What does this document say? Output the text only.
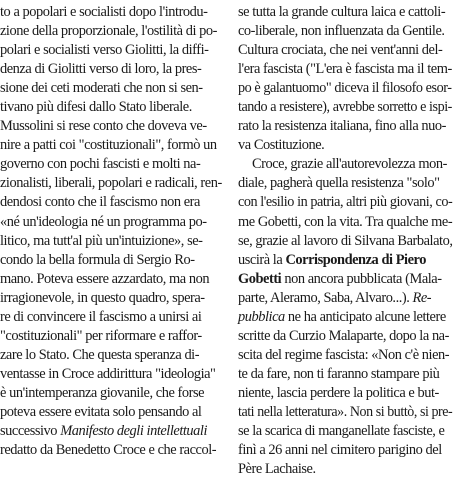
to a popolari e socialisti dopo l'introdu-
zione della proporzionale, l'ostilità di po-
polari e socialisti verso Giolitti, la diffi-
denza di Giolitti verso di loro, la pres-
sione dei ceti moderati che non si sen-
tivano più difesi dallo Stato liberale.
Mussolini si rese conto che doveva ve-
nire a patti coi "costituzionali", formò un
governo con pochi fascisti e molti na-
zionalisti, liberali, popolari e radicali, ren-
dendosi conto che il fascismo non era
«né un'ideologia né un programma po-
litico, ma tutt'al più un'intuizione», se-
condo la bella formula di Sergio Ro-
mano. Poteva essere azzardato, ma non
irragionevole, in questo quadro, spera-
re di convincere il fascismo a unirsi ai
"costituzionali" per riformare e raffor-
zare lo Stato. Che questa speranza di-
ventasse in Croce addirittura "ideologia"
è un'intemperanza giovanile, che forse
poteva essere evitata solo pensando al
successivo Manifesto degli intellettuali
redatto da Benedetto Croce e che raccol-
se tutta la grande cultura laica e cattoli-
co-liberale, non influenzata da Gentile.
Cultura crociata, che nei vent'anni del-
l'era fascista ("L'era è fascista ma il tem-
po è galantuomo" diceva il filosofo esor-
tando a resistere), avrebbe sorretto e ispi-
rato la resistenza italiana, fino alla nuo-
va Costituzione.
Croce, grazie all'autorevolezza mon-
diale, pagherà quella resistenza "solo"
con l'esilio in patria, altri più giovani, co-
me Gobetti, con la vita. Tra qualche me-
se, grazie al lavoro di Silvana Barbalato,
uscirà la Corrispondenza di Piero
Gobetti non ancora pubblicata (Mala-
parte, Aleramo, Saba, Alvaro...). Re-
pubblica ne ha anticipato alcune lettere
scritte da Curzio Malaparte, dopo la na-
scita del regime fascista: «Non c'è nien-
te da fare, non ti faranno stampare più
niente, lascia perdere la politica e but-
tati nella letteratura». Non si buttò, si pre-
se la scarica di manganellate fasciste, e
finì a 26 anni nel cimitero parigino del
Père Lachaise.
